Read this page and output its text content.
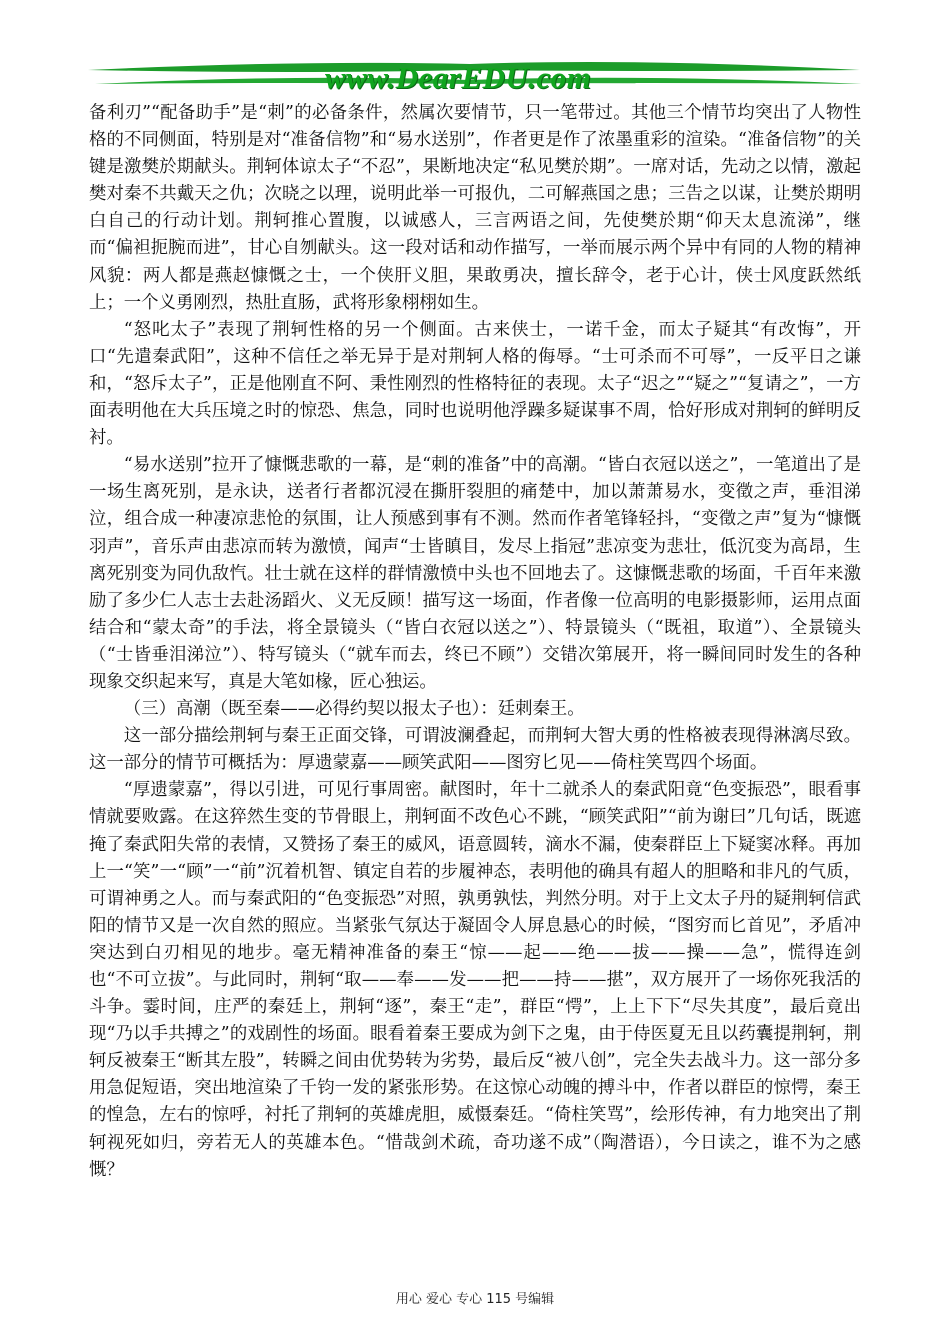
www.DearEDU.com

备利刃”“配备助手”是“刺”的必备条件，然属次要情节，只一笔带过。其他三个情节均突出了人物性格的不同侧面，特别是对“准备信物”和“易水送别”，作者更是作了浓墨重彩的渲染。“准备信物”的关键是激樊於期献头。荆轲体谅太子“不忍”，果断地决定“私见樊於期”。一席对话，先动之以情，激起樊对秦不共戴天之仇；次晓之以理，说明此举一可报仇，二可解燕国之患；三告之以谋，让樊於期明白自己的行动计划。荆轲推心置腹，以诚感人，三言两语之间，先使樊於期“仰天太息流涕”，继而“偏袒扼腕而进”，甘心自刎献头。这一段对话和动作描写，一举而展示两个异中有同的人物的精神风貌：两人都是燕赵慷慨之士，一个侠肝义胆，果敢勇决，擅长辞令，老于心计，侠士风度跃然纸上；一个义勇刚烈，热肚直肠，武将形象栩栩如生。

“怒叱太子”表现了荆轲性格的另一个侧面。古来侠士，一诺千金，而太子疑其“有改悔”，开口“先遣秦武阳”，这种不信任之举无异于是对荆轲人格的侮辱。“士可杀而不可辱”，一反平日之谦和，“怒斥太子”，正是他刚直不阿、秉性刚烈的性格特征的表现。太子“迟之”“疑之”“复请之”，一方面表明他在大兵压境之时的惊恐、焦急，同时也说明他浮躁多疑谋事不周，恰好形成对荆轲的鲜明反衬。

“易水送别”拉开了慷慨悲歌的一幕，是“刺的准备”中的高潮。“皆白衣冠以送之”，一笔道出了是一场生离死别，是永诀，送者行者都沉浸在撕肝裂胆的痛楚中，加以萧萧易水，变徵之声，垂泪涕泣，组合成一种凄凉悲怆的氛围，让人预感到事有不测。然而作者笔锋轻抖，“变徵之声”复为“慷慨羽声”，音乐声由悲凉而转为激愤，闻声“士皆瞋目，发尽上指冠”悲凉变为悲壮，低沉变为高昂，生离死别变为同仇敌忾。壮士就在这样的群情激愤中头也不回地去了。这慷慨悲歌的场面，千百年来激励了多少仁人志士去赴汤蹈火、义无反顾！描写这一场面，作者像一位高明的电影摄影师，运用点面结合和“蒙太奇”的手法，将全景镜头（“皆白衣冠以送之”）、特景镜头（“既祖，取道”）、全景镜头（“士皆垂泪涕泣”）、特写镜头（“就车而去，终已不顾”）交错次第展开，将一瞬间同时发生的各种现象交织起来写，真是大笔如椽，匠心独运。

（三）高潮（既至秦——必得约契以报太子也）：廷刺秦王。

这一部分描绘荆轲与秦王正面交锋，可谓波澜叠起，而荆轲大智大勇的性格被表现得淋漓尽致。这一部分的情节可概括为：厚遗蒙嘉——顾笑武阳——图穷匕见——倚柱笑骂四个场面。

“厚遗蒙嘉”，得以引进，可见行事周密。献图时，年十二就杀人的秦武阳竟“色变振恐”，眼看事情就要败露。在这猝然生变的节骨眼上，荆轲面不改色心不跳，“顾笑武阳”“前为谢曰”几句话，既遮掩了秦武阳失常的表情，又赞扬了秦王的威风，语意圆转，滴水不漏，使秦群臣上下疑窦冰释。再加上一“笑”一“顾”一“前”沉着机智、镇定自若的步履神态，表明他的确具有超人的胆略和非凡的气质，可谓神勇之人。而与秦武阳的“色变振恐”对照，孰勇孰怯，判然分明。对于上文太子丹的疑荆轲信武阳的情节又是一次自然的照应。当紧张气氛达于凝固令人屏息悬心的时候，“图穷而匕首见”，矛盾冲突达到白刃相见的地步。毫无精神准备的秦王“惊——起——绝——拔——操——急”，慌得连剑也“不可立拔”。与此同时，荆轲“取——奉——发——把——持——揕”，双方展开了一场你死我活的斗争。霎时间，庄严的秦廷上，荆轲“逐”，秦王“走”，群臣“愕”，上上下下“尽失其度”，最后竟出现“乃以手共搏之”的戏剧性的场面。眼看着秦王要成为剑下之鬼，由于侍医夏无且以药囊提荆轲，荆轲反被秦王“断其左股”，转瞬之间由优势转为劣势，最后反“被八创”，完全失去战斗力。这一部分多用急促短语，突出地渲染了千钧一发的紧张形势。在这惊心动魄的搏斗中，作者以群臣的惊愕，秦王的惶急，左右的惊呼，衬托了荆轲的英雄虎胆，威慑秦廷。“倚柱笑骂”，绘形传神，有力地突出了荆轲视死如归，旁若无人的英雄本色。“惜哉剑术疏，奇功遂不成”（陶潜语），今日读之，谁不为之感慨？

用心 爱心 专心 115 号编辑
